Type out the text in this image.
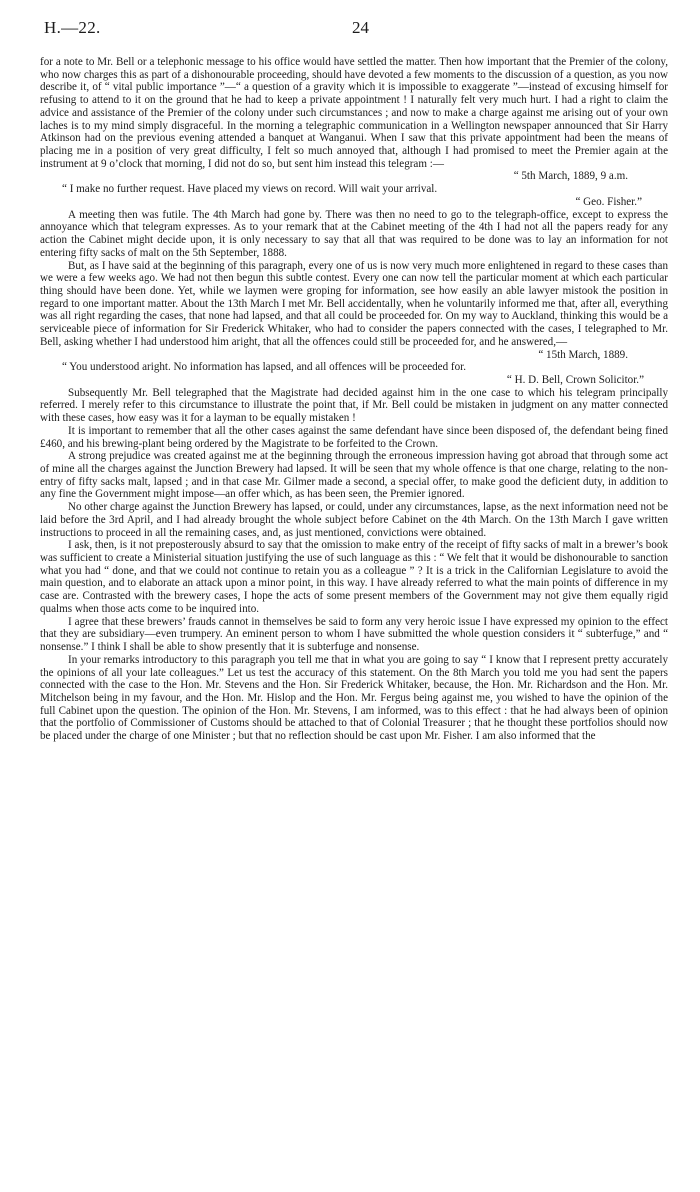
H.—22.	24

for a note to Mr. Bell or a telephonic message to his office would have settled the matter. Then how important that the Premier of the colony, who now charges this as part of a dishonourable proceeding, should have devoted a few moments to the discussion of a question, as you now describe it, of “ vital public importance ”—“ a question of a gravity which it is impossible to exaggerate ”—instead of excusing himself for refusing to attend to it on the ground that he had to keep a private appointment ! I naturally felt very much hurt. I had a right to claim the advice and assistance of the Premier of the colony under such circumstances ; and now to make a charge against me arising out of your own laches is to my mind simply disgraceful. In the morning a telegraphic communication in a Wellington newspaper announced that Sir Harry Atkinson had on the previous evening attended a banquet at Wanganui. When I saw that this private appointment had been the means of placing me in a position of very great difficulty, I felt so much annoyed that, although I had promised to meet the Premier again at the instrument at 9 o’clock that morning, I did not do so, but sent him instead this telegram :—

“ 5th March, 1889, 9 a.m.

“ I make no further request. Have placed my views on record. Will wait your arrival.

“ Geo. Fisher.”

A meeting then was futile. The 4th March had gone by. There was then no need to go to the telegraph-office, except to express the annoyance which that telegram expresses. As to your remark that at the Cabinet meeting of the 4th I had not all the papers ready for any action the Cabinet might decide upon, it is only necessary to say that all that was required to be done was to lay an information for not entering fifty sacks of malt on the 5th September, 1888.

But, as I have said at the beginning of this paragraph, every one of us is now very much more enlightened in regard to these cases than we were a few weeks ago. We had not then begun this subtle contest. Every one can now tell the particular moment at which each particular thing should have been done. Yet, while we laymen were groping for information, see how easily an able lawyer mistook the position in regard to one important matter. About the 13th March I met Mr. Bell accidentally, when he voluntarily informed me that, after all, everything was all right regarding the cases, that none had lapsed, and that all could be proceeded for. On my way to Auckland, thinking this would be a serviceable piece of information for Sir Frederick Whitaker, who had to consider the papers connected with the cases, I telegraphed to Mr. Bell, asking whether I had understood him aright, that all the offences could still be proceeded for, and he answered,—

“ 15th March, 1889.

“ You understood aright. No information has lapsed, and all offences will be proceeded for.

“ H. D. Bell, Crown Solicitor.”

Subsequently Mr. Bell telegraphed that the Magistrate had decided against him in the one case to which his telegram principally referred. I merely refer to this circumstance to illustrate the point that, if Mr. Bell could be mistaken in judgment on any matter connected with these cases, how easy was it for a layman to be equally mistaken !

It is important to remember that all the other cases against the same defendant have since been disposed of, the defendant being fined £460, and his brewing-plant being ordered by the Magistrate to be forfeited to the Crown.

A strong prejudice was created against me at the beginning through the erroneous impression having got abroad that through some act of mine all the charges against the Junction Brewery had lapsed. It will be seen that my whole offence is that one charge, relating to the non-entry of fifty sacks malt, lapsed ; and in that case Mr. Gilmer made a second, a special offer, to make good the deficient duty, in addition to any fine the Government might impose—an offer which, as has been seen, the Premier ignored.

No other charge against the Junction Brewery has lapsed, or could, under any circumstances, lapse, as the next information need not be laid before the 3rd April, and I had already brought the whole subject before Cabinet on the 4th March. On the 13th March I gave written instructions to proceed in all the remaining cases, and, as just mentioned, convictions were obtained.

I ask, then, is it not preposterously absurd to say that the omission to make entry of the receipt of fifty sacks of malt in a brewer’s book was sufficient to create a Ministerial situation justifying the use of such language as this : “ We felt that it would be dishonourable to sanction what you had “ done, and that we could not continue to retain you as a colleague ” ? It is a trick in the Californian Legislature to avoid the main question, and to elaborate an attack upon a minor point, in this way. I have already referred to what the main points of difference in my case are. Contrasted with the brewery cases, I hope the acts of some present members of the Government may not give them equally rigid qualms when those acts come to be inquired into.

I agree that these brewers’ frauds cannot in themselves be said to form any very heroic issue I have expressed my opinion to the effect that they are subsidiary—even trumpery. An eminent person to whom I have submitted the whole question considers it “ subterfuge,” and “ nonsense.” I think I shall be able to show presently that it is subterfuge and nonsense.

In your remarks introductory to this paragraph you tell me that in what you are going to say “ I know that I represent pretty accurately the opinions of all your late colleagues.” Let us test the accuracy of this statement. On the 8th March you told me you had sent the papers connected with the case to the Hon. Mr. Stevens and the Hon. Sir Frederick Whitaker, because, the Hon. Mr. Richardson and the Hon. Mr. Mitchelson being in my favour, and the Hon. Mr. Hislop and the Hon. Mr. Fergus being against me, you wished to have the opinion of the full Cabinet upon the question. The opinion of the Hon. Mr. Stevens, I am informed, was to this effect : that he had always been of opinion that the portfolio of Commissioner of Customs should be attached to that of Colonial Treasurer ; that he thought these portfolios should now be placed under the charge of one Minister ; but that no reflection should be cast upon Mr. Fisher. I am also informed that the
